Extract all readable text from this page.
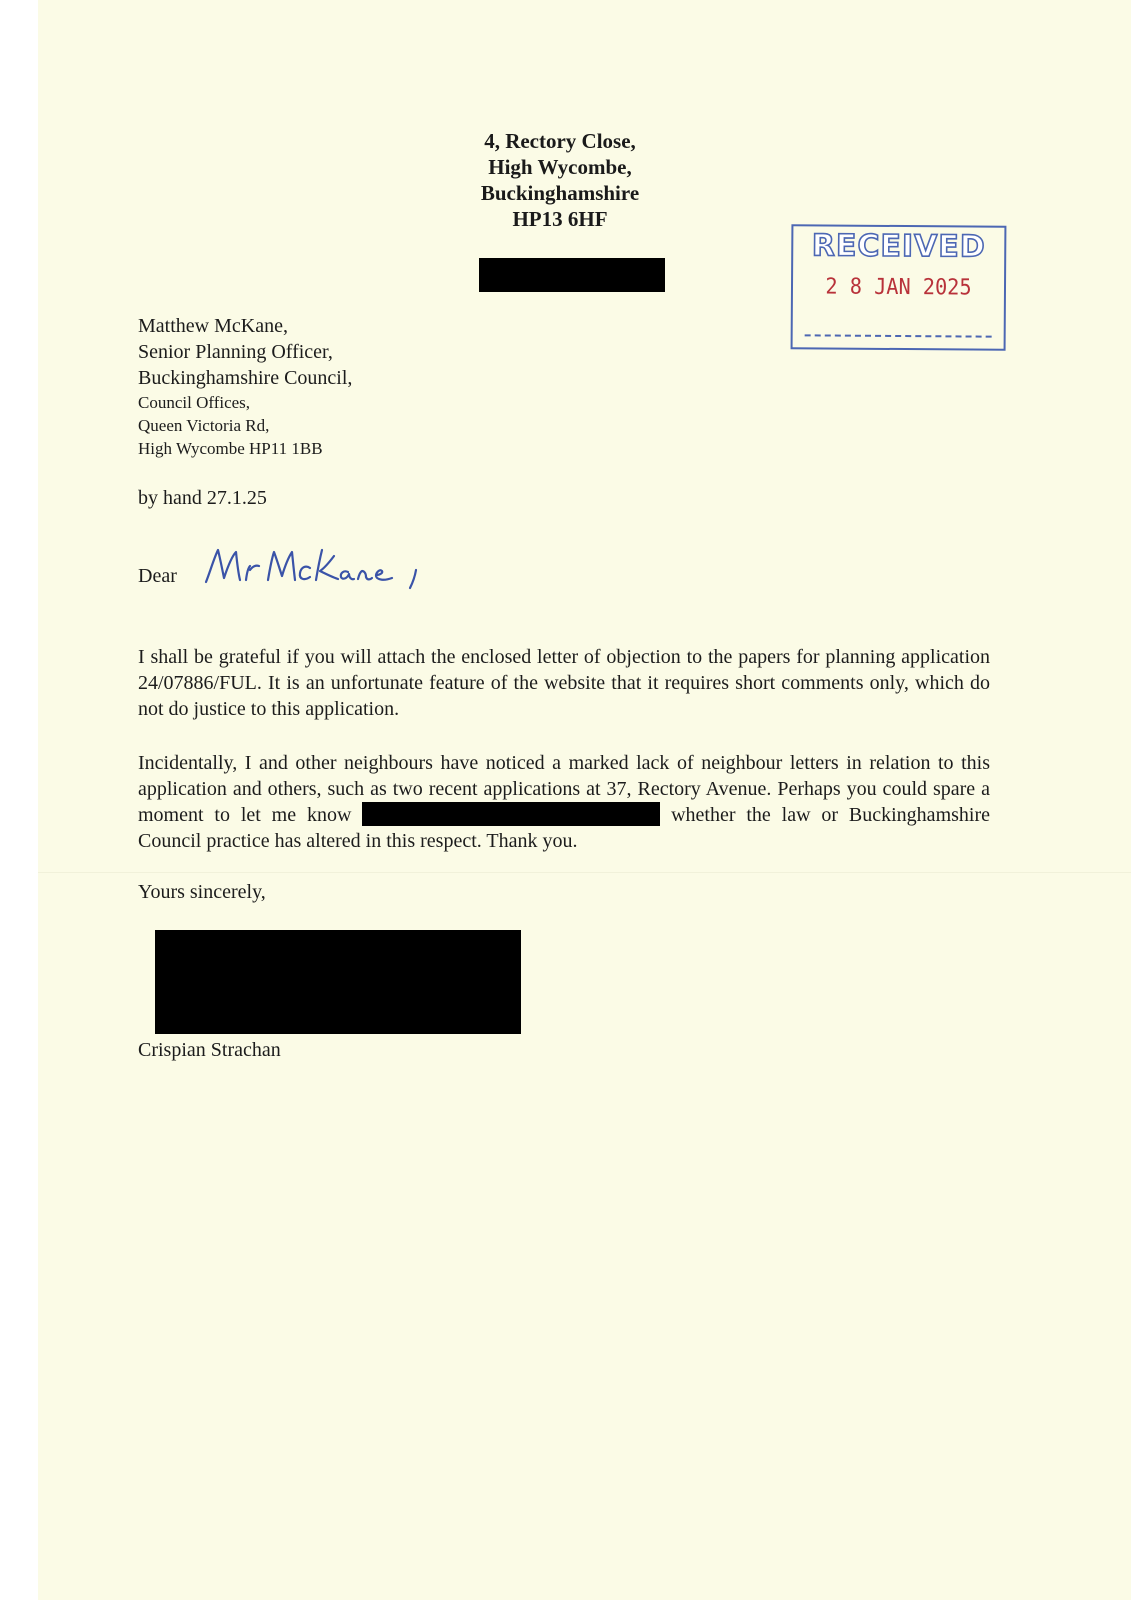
4, Rectory Close,
High Wycombe,
Buckinghamshire
HP13 6HF
RECEIVED
2 8 JAN 2025
Matthew McKane,
Senior Planning Officer,
Buckinghamshire Council,
Council Offices,
Queen Victoria Rd,
High Wycombe HP11 1BB
by hand 27.1.25
Dear

I shall be grateful if you will attach the enclosed letter of objection to the papers for planning application 24/07886/FUL. It is an unfortunate feature of the website that it requires short comments only, which do not do justice to this application.

Incidentally, I and other neighbours have noticed a marked lack of neighbour letters in relation to this application and others, such as two recent applications at 37, Rectory Avenue. Perhaps you could spare a moment to let me know	whether the law or Buckinghamshire Council practice has altered in this respect. Thank you.

Yours sincerely,
Crispian Strachan
